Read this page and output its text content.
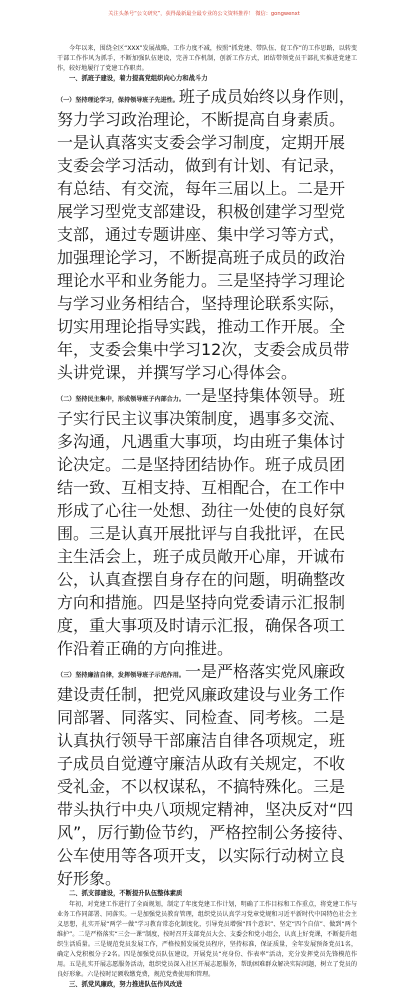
关注头条号“公文研究”，获得最新最全最专业的公文资料推荐！ 微信：gongwenxt

今年以来，围绕全区“XXX”发展战略，工作力度不减，按照“抓党建、带队伍、促工作”的工作思路，以转变干部工作作风为抓手，不断加强队伍建设，完善工作机制，创新工作方式，团结带领党员干部扎实推进党建工作，较好地履行了党建工作职责。

一、抓班子建设，着力提高党组织向心力和战斗力

（一）坚持理论学习，保持领导班子先进性。班子成员始终以身作则，努力学习政治理论，不断提高自身素质。一是认真落实支委会学习制度，定期开展支委会学习活动，做到有计划、有记录，有总结、有交流，每年三届以上。二是开展学习型党支部建设，积极创建学习型党支部，通过专题讲座、集中学习等方式，加强理论学习，不断提高班子成员的政治理论水平和业务能力。三是坚持学习理论与学习业务相结合，坚持理论联系实际，切实用理论指导实践，推动工作开展。全年，支委会集中学习12次，支委会成员带头讲党课，并撰写学习心得体会。

（二）坚持民主集中，形成领导班子内部合力。一是坚持集体领导。班子实行民主议事决策制度，遇事多交流、多沟通，凡遇重大事项，均由班子集体讨论决定。二是坚持团结协作。班子成员团结一致、互相支持、互相配合，在工作中形成了心往一处想、劲往一处使的良好氛围。三是认真开展批评与自我批评，在民主生活会上，班子成员敞开心扉，开诚布公，认真查摆自身存在的问题，明确整改方向和措施。四是坚持向党委请示汇报制度，重大事项及时请示汇报，确保各项工作沿着正确的方向推进。

（三）坚持廉洁自律，发挥领导班子示范作用。一是严格落实党风廉政建设责任制，把党风廉政建设与业务工作同部署、同落实、同检查、同考核。二是认真执行领导干部廉洁自律各项规定，班子成员自觉遵守廉洁从政有关规定，不收受礼金，不以权谋私，不搞特殊化。三是带头执行中央八项规定精神，坚决反对“四风”，厉行勤俭节约，严格控制公务接待、公车使用等各项开支，以实际行动树立良好形象。

二、抓支部建设，不断提升队伍整体素质

年初，对党建工作进行了全面规划，制定了年度党建工作计划，明确了工作目标和工作重点，将党建工作与业务工作同部署、同落实。一是加强党员教育管理，组织党员认真学习党章党规和习近平新时代中国特色社会主义思想，扎实开展“两学一做”学习教育常态化制度化，引导党员增强“四个意识”、坚定“四个自信”、做到“两个维护”。二是严格落实“三会一课”制度，按时召开支部党员大会、支委会和党小组会，认真上好党课，不断提升组织生活质量。三是规范党员发展工作，严格按照发展党员程序，坚持标准，保证质量，全年发展预备党员1名，确定入党积极分子2名。四是加强党员队伍建设，开展党员“亮身份、作表率”活动，充分发挥党员先锋模范作用。五是扎实开展志愿服务活动，组织党员深入社区开展志愿服务，帮助困难群众解决实际问题，树立了党员的良好形象。六是按时足额收缴党费，规范党费使用和管理。

三、抓党风廉政，努力推进队伍作风改进
